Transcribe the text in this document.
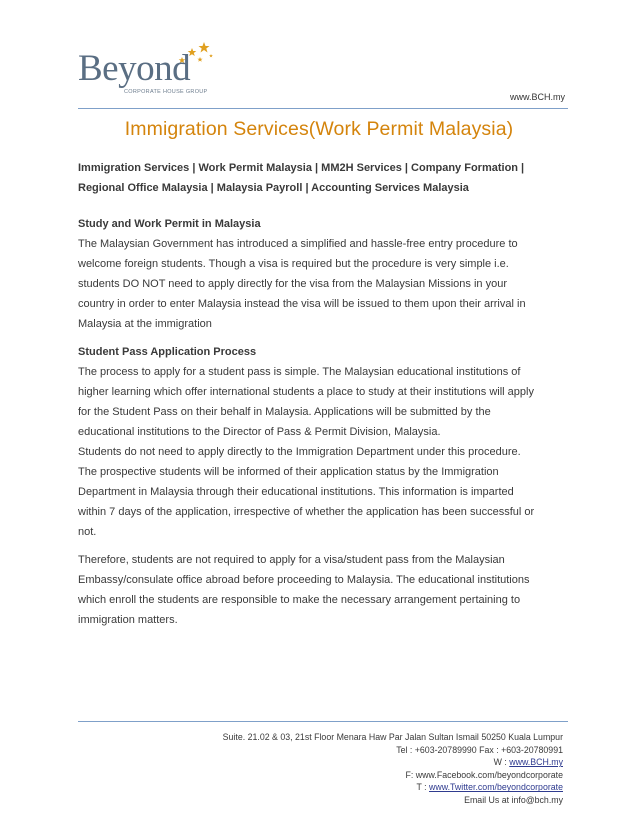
Beyond
CORPORATE HOUSE GROUP	www.BCH.my
Immigration Services(Work Permit Malaysia)

Immigration Services | Work Permit Malaysia | MM2H Services | Company Formation |

Regional Office Malaysia | Malaysia Payroll | Accounting Services Malaysia

Study and Work Permit in Malaysia

The Malaysian Government has introduced a simplified and hassle-free entry procedure to

welcome foreign students. Though a visa is required but the procedure is very simple i.e.

students DO NOT need to apply directly for the visa from the Malaysian Missions in your

country in order to enter Malaysia instead the visa will be issued to them upon their arrival in

Malaysia at the immigration

Student Pass Application Process

The process to apply for a student pass is simple. The Malaysian educational institutions of

higher learning which offer international students a place to study at their institutions will apply

for the Student Pass on their behalf in Malaysia. Applications will be submitted by the

educational institutions to the Director of Pass & Permit Division, Malaysia.

Students do not need to apply directly to the Immigration Department under this procedure.

The prospective students will be informed of their application status by the Immigration

Department in Malaysia through their educational institutions. This information is imparted

within 7 days of the application, irrespective of whether the application has been successful or

not.

Therefore, students are not required to apply for a visa/student pass from the Malaysian

Embassy/consulate office abroad before proceeding to Malaysia. The educational institutions

which enroll the students are responsible to make the necessary arrangement pertaining to

immigration matters.

Suite. 21.02 & 03, 21st Floor Menara Haw Par Jalan Sultan Ismail 50250 Kuala Lumpur
Tel : +603-20789990 Fax : +603-20780991
W : www.BCH.my
F: www.Facebook.com/beyondcorporate
T : www.Twitter.com/beyondcorporate
Email Us at info@bch.my
